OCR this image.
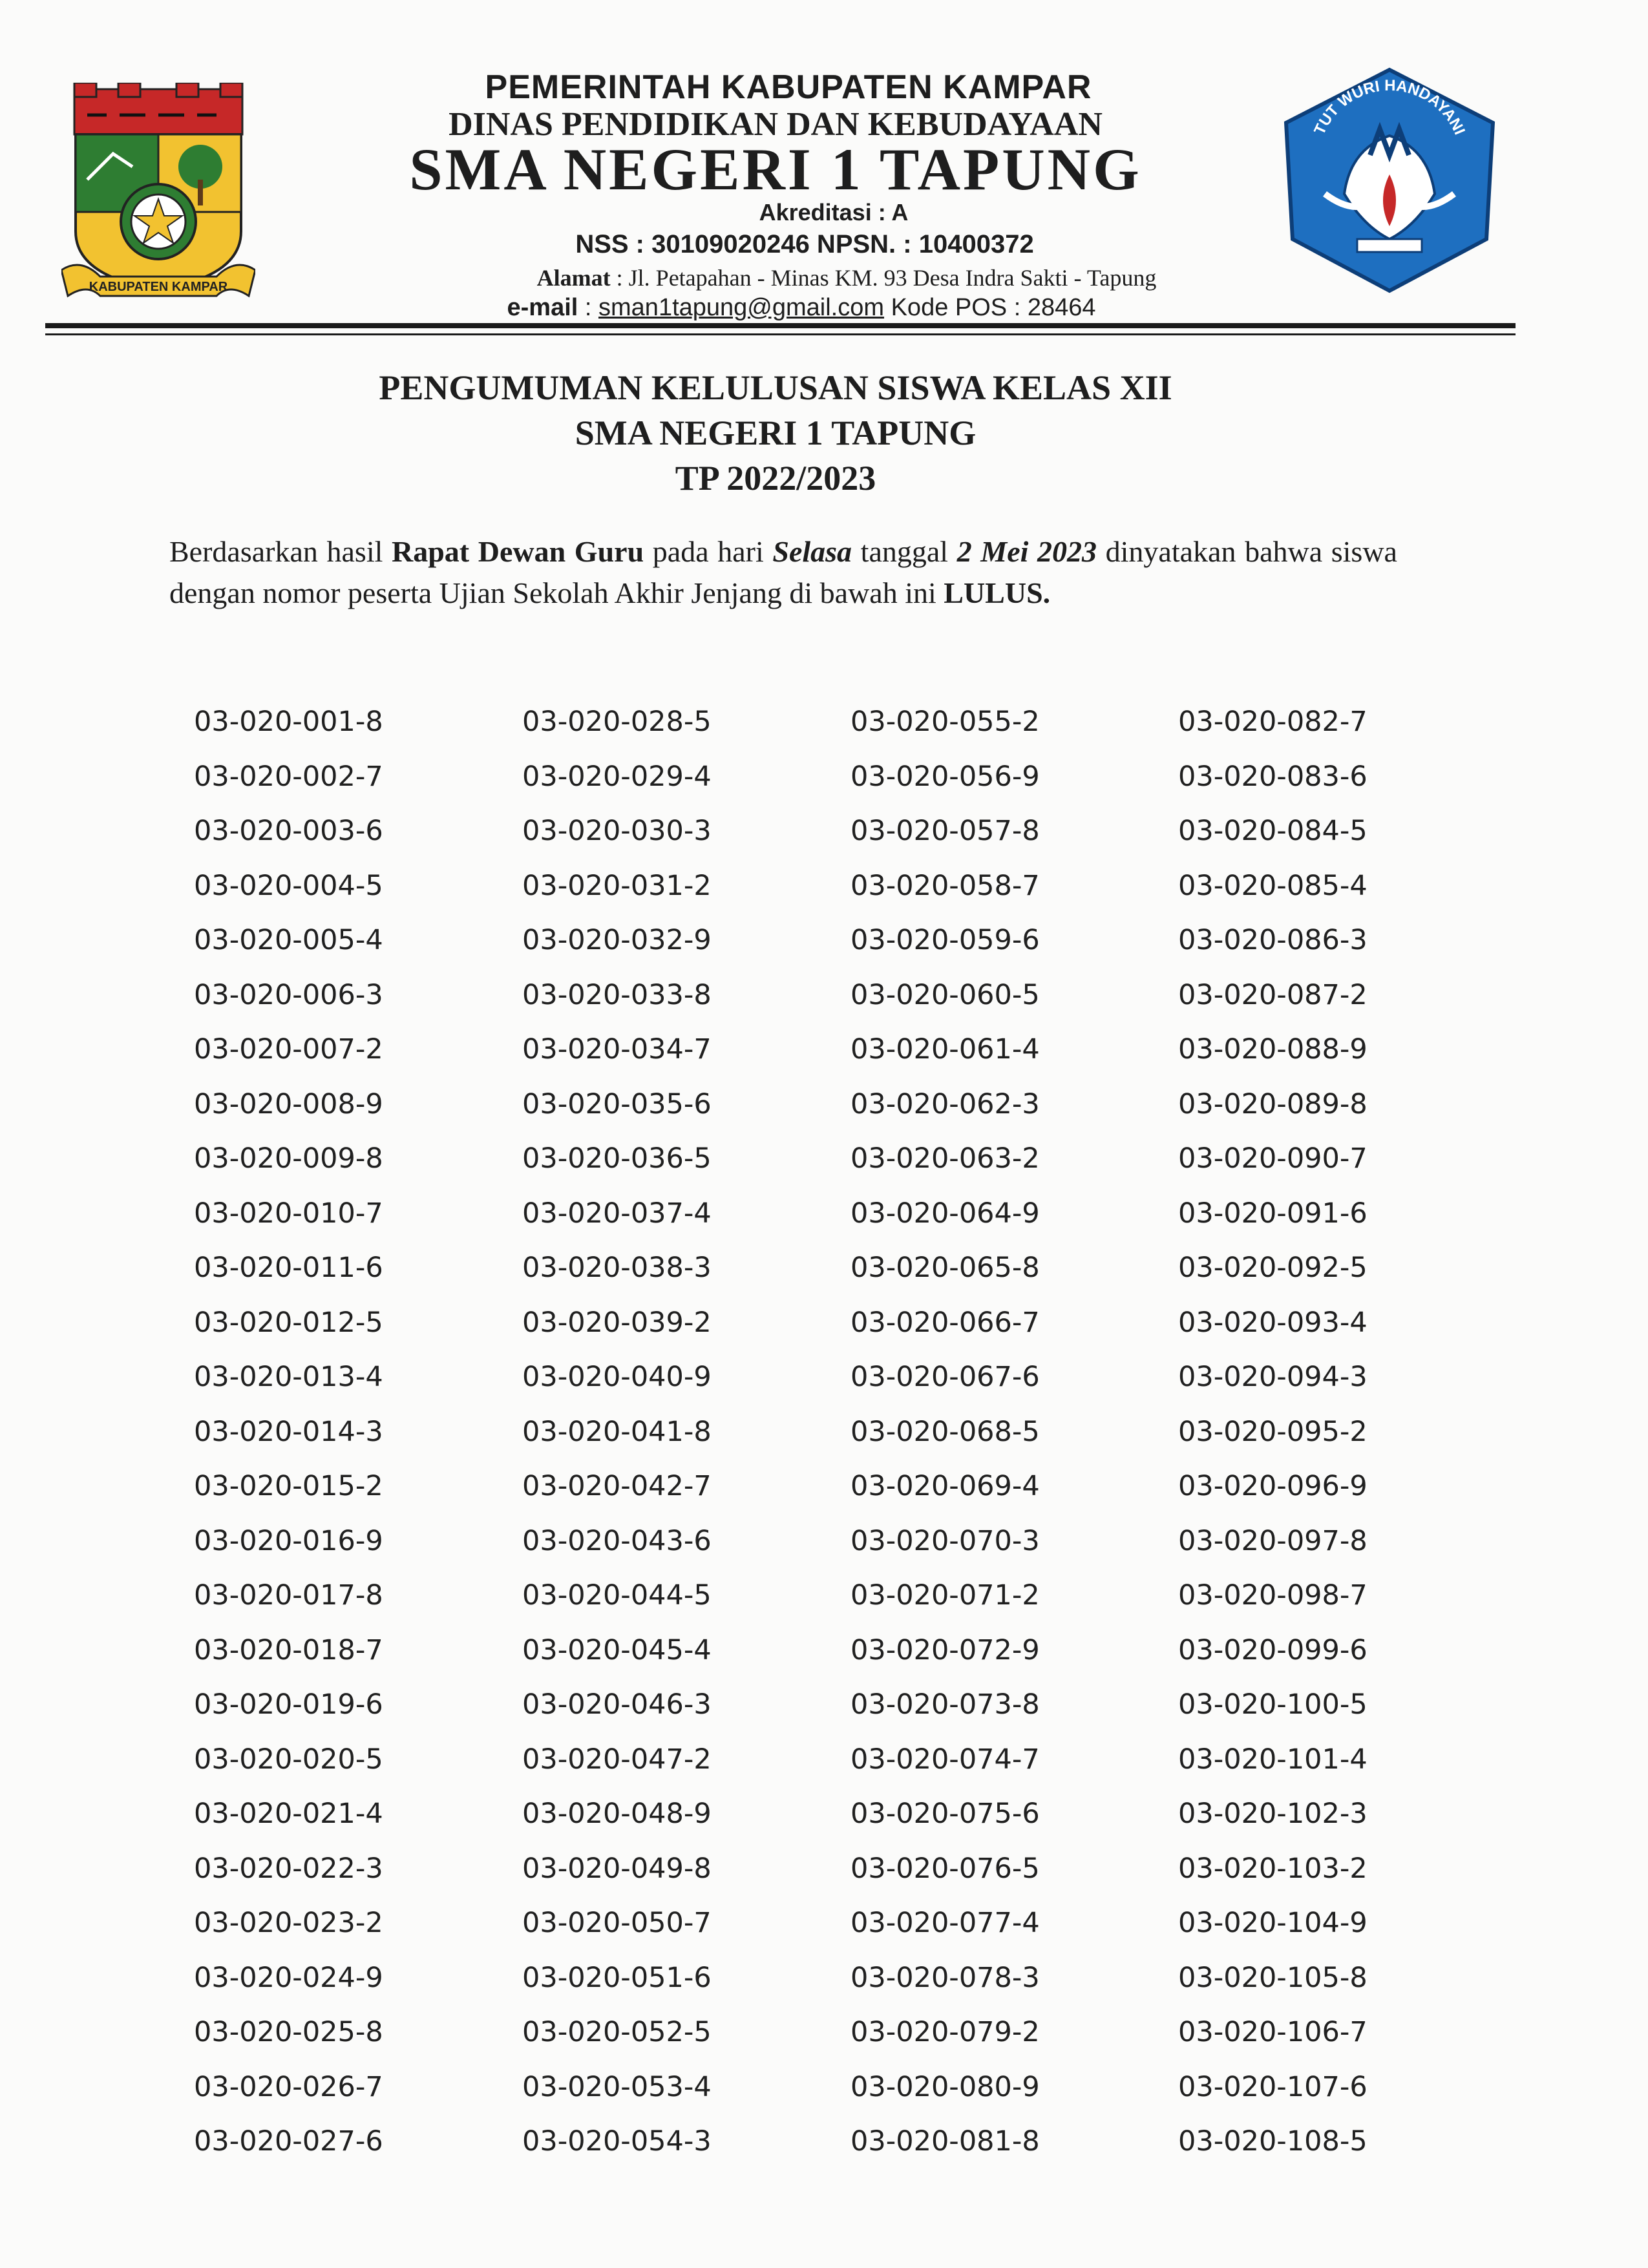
KABUPATEN KAMPAR
PEMERINTAH KABUPATEN KAMPAR
DINAS PENDIDIKAN DAN KEBUDAYAAN
SMA NEGERI 1 TAPUNG
Akreditasi : A
NSS : 30109020246 NPSN. : 10400372
Alamat : Jl. Petapahan - Minas KM. 93 Desa Indra Sakti - Tapung
e-mail : sman1tapung@gmail.com Kode POS : 28464
TUT WURI HANDAYANI
PENGUMUMAN KELULUSAN SISWA KELAS XII
SMA NEGERI 1 TAPUNG
TP 2022/2023
Berdasarkan hasil Rapat Dewan Guru pada hari Selasa tanggal 2 Mei 2023 dinyatakan bahwa siswa dengan nomor peserta Ujian Sekolah Akhir Jenjang di bawah ini LULUS.
03-020-001-8
03-020-002-7
03-020-003-6
03-020-004-5
03-020-005-4
03-020-006-3
03-020-007-2
03-020-008-9
03-020-009-8
03-020-010-7
03-020-011-6
03-020-012-5
03-020-013-4
03-020-014-3
03-020-015-2
03-020-016-9
03-020-017-8
03-020-018-7
03-020-019-6
03-020-020-5
03-020-021-4
03-020-022-3
03-020-023-2
03-020-024-9
03-020-025-8
03-020-026-7
03-020-027-6
03-020-028-5
03-020-029-4
03-020-030-3
03-020-031-2
03-020-032-9
03-020-033-8
03-020-034-7
03-020-035-6
03-020-036-5
03-020-037-4
03-020-038-3
03-020-039-2
03-020-040-9
03-020-041-8
03-020-042-7
03-020-043-6
03-020-044-5
03-020-045-4
03-020-046-3
03-020-047-2
03-020-048-9
03-020-049-8
03-020-050-7
03-020-051-6
03-020-052-5
03-020-053-4
03-020-054-3
03-020-055-2
03-020-056-9
03-020-057-8
03-020-058-7
03-020-059-6
03-020-060-5
03-020-061-4
03-020-062-3
03-020-063-2
03-020-064-9
03-020-065-8
03-020-066-7
03-020-067-6
03-020-068-5
03-020-069-4
03-020-070-3
03-020-071-2
03-020-072-9
03-020-073-8
03-020-074-7
03-020-075-6
03-020-076-5
03-020-077-4
03-020-078-3
03-020-079-2
03-020-080-9
03-020-081-8
03-020-082-7
03-020-083-6
03-020-084-5
03-020-085-4
03-020-086-3
03-020-087-2
03-020-088-9
03-020-089-8
03-020-090-7
03-020-091-6
03-020-092-5
03-020-093-4
03-020-094-3
03-020-095-2
03-020-096-9
03-020-097-8
03-020-098-7
03-020-099-6
03-020-100-5
03-020-101-4
03-020-102-3
03-020-103-2
03-020-104-9
03-020-105-8
03-020-106-7
03-020-107-6
03-020-108-5
